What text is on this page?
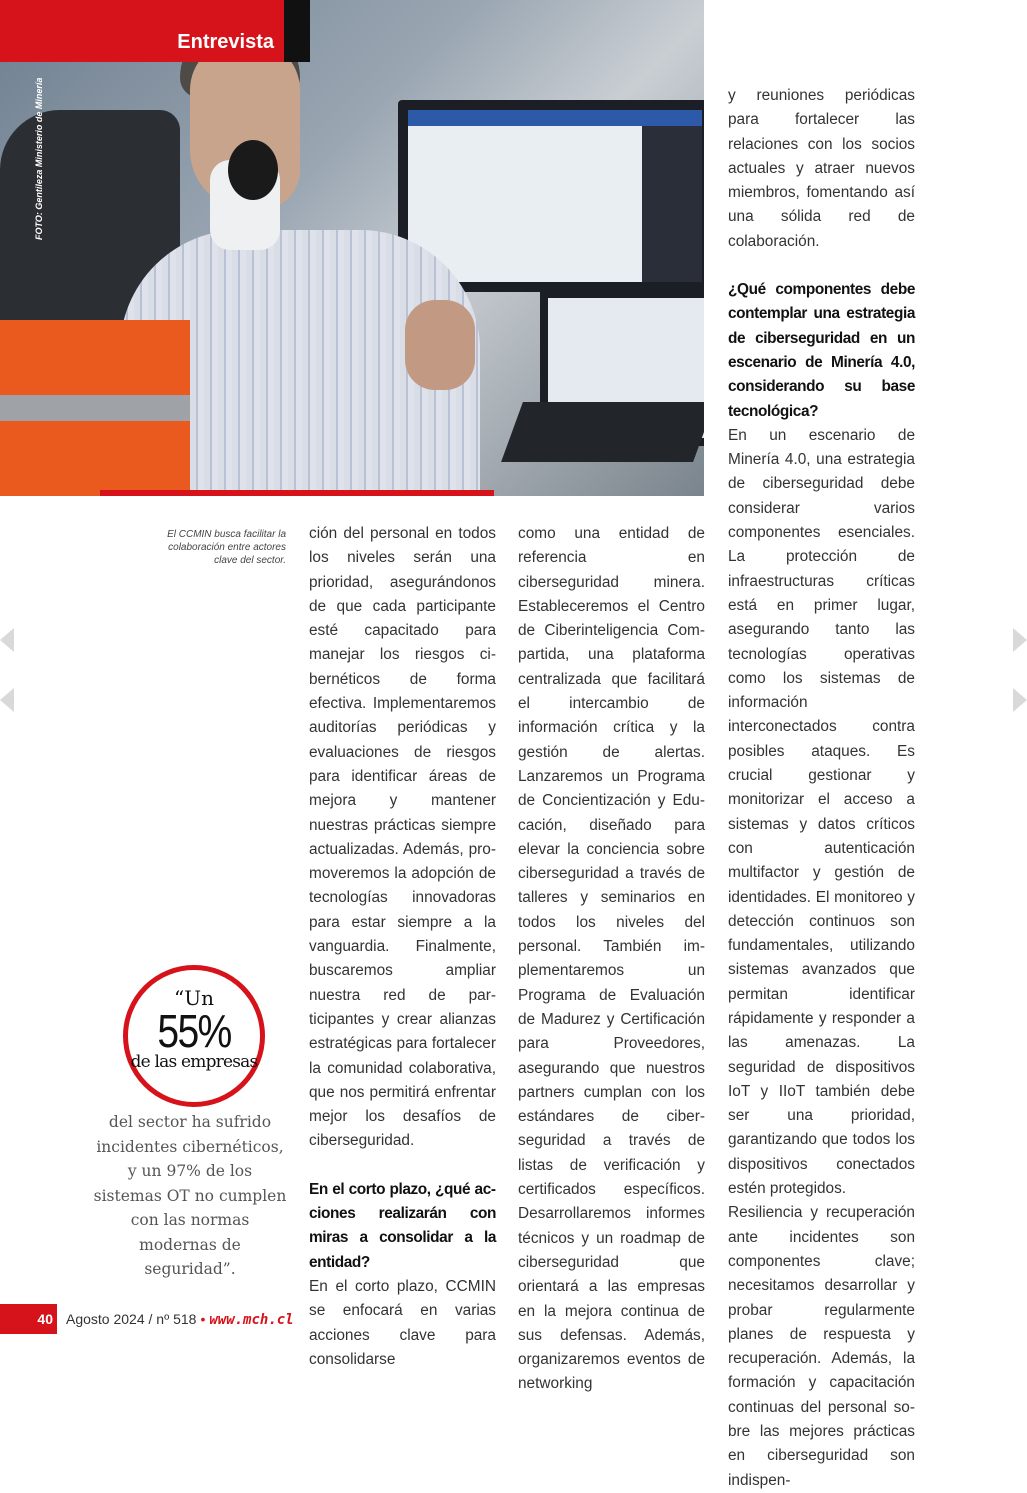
FOTO: Gentileza Ministerio de Minería
Entrevista
El CCMIN busca facilitar la colaboración entre actores clave del sector.

ción del personal en todos los niveles serán una prioridad, asegurándonos de que cada participante esté capacitado para manejar los riesgos cibernéticos de forma efectiva. Implementaremos auditorías periódicas y evaluaciones de riesgos para identificar áreas de mejora y mantener nuestras prácticas siempre actualizadas. Además, promoveremos la adopción de tecnologías innovadoras para estar siempre a la vanguardia. Finalmente, buscaremos ampliar nuestra red de participantes y crear alianzas estratégicas para fortalecer la comunidad colaborativa, que nos permitirá enfrentar mejor los desafíos de ciberseguridad.

En el corto plazo, ¿qué acciones realizarán con miras a consolidar a la entidad?

En el corto plazo, CCMIN se enfocará en varias acciones clave para consolidarse

como una entidad de referencia en ciberseguridad minera. Estableceremos el Centro de Ciberinteligencia Compartida, una plataforma centralizada que facilitará el intercambio de información crítica y la gestión de alertas. Lanzaremos un Programa de Concientización y Educación, diseñado para elevar la conciencia sobre ciberseguridad a través de talleres y seminarios en todos los niveles del personal. También implementaremos un Programa de Evaluación de Madurez y Certificación para Proveedores, asegurando que nuestros partners cumplan con los estándares de ciberseguridad a través de listas de verificación y certificados específicos. Desarrollaremos informes técnicos y un roadmap de ciberseguridad que orientará a las empresas en la mejora continua de sus defensas. Además, organizaremos eventos de networking

y reuniones periódicas para fortalecer las relaciones con los socios actuales y atraer nuevos miembros, fomentando así una sólida red de colaboración.

¿Qué componentes debe contemplar una estrategia de ciberseguridad en un escenario de Minería 4.0, considerando su base tecnológica?

En un escenario de Minería 4.0, una estrategia de ciberseguridad debe considerar varios componentes esenciales. La protección de infraestructuras críticas está en primer lugar, asegurando tanto las tecnologías operativas como los sistemas de información interconectados contra posibles ataques. Es crucial gestionar y monitorizar el acceso a sistemas y datos críticos con autenticación multifactor y gestión de identidades. El monitoreo y detección continuos son fundamentales, utilizando sistemas avanzados que permitan identificar rápidamente y responder a las amenazas. La seguridad de dispositivos IoT y IIoT también debe ser una prioridad, garantizando que todos los dispositivos conectados estén protegidos.

Resiliencia y recuperación ante incidentes son componentes clave; necesitamos desarrollar y probar regularmente planes de respuesta y recuperación. Además, la formación y capacitación continuas del personal sobre las mejores prácticas en ciberseguridad son indispen-

“Un
55%
de las empresas
del sector ha sufrido incidentes cibernéticos, y un 97% de los sistemas OT no cumplen con las normas modernas de seguridad”.
40 Agosto 2024 / nº 518 • www.mch.cl
